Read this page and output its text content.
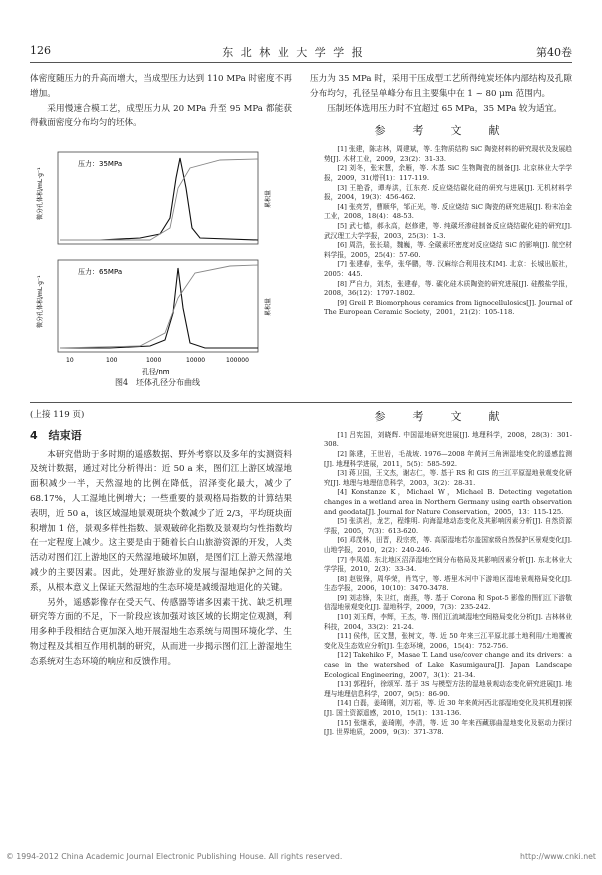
126	东 北 林 业 大 学 学 报	第40卷

体密度随压力的升高而增大，当成型压力达到 110 MPa 时密度不再增加。

采用慢速合模工艺，成型压力从 20 MPa 升至 95 MPa 都能获得截面密度分布均匀的坯体。

压力：35MPa
微分孔体积/mL·g⁻¹	累积量
压力：65MPa
微分孔体积/mL·g⁻¹	累积量
10	100	1000	10000	100000
孔径/nm
图4　坯体孔径分布曲线

压力为 35 MPa 时，采用干压成型工艺所得纯炭坯体内部结构及孔隙分布均匀，孔径呈单峰分布且主要集中在 1 ~ 80 μm 范围内。

压制坯体选用压力时不宜超过 65 MPa，35 MPa 较为适宜。

参　考　文　献

[1] 张建，陈志林，周建斌，等. 生物质结构 SiC 陶瓷材料的研究现状及发展趋势[J]. 木材工业，2009，23(2)：31-33.

[2] 刘冬，张宋慧，余雁，等. 木基 SiC 生物陶瓷的制备[J]. 北京林业大学学报，2009，31(增刊1)：117-119.

[3] 王艳香，谭寿洪，江东亮. 反应烧结碳化硅的研究与进展[J]. 无机材料学报，2004，19(3)：456-462.

[4] 张亮芳，曹顺华，邹正光，等. 反应烧结 SiC 陶瓷的研究进展[J]. 粉末冶金工业，2008，18(4)：48-53.

[5] 武七德，郝永高，赵修建，等. 纯碳坯渗硅制备反应烧结碳化硅的研究[J]. 武汉理工大学学报，2003，25(3)：1-3.

[6] 周浩，张长瑞，魏巍，等. 全碳素坯密度对反应烧结 SiC 的影响[J]. 航空材料学报，2005，25(4)：57-60.

[7] 张建春，张华，张华鹏，等. 汉麻综合利用技术[M]. 北京：长城出版社，2005：445.

[8] 严自力，刘杰，张建春，等. 碳化硅木质陶瓷的研究进展[J]. 硅酸盐学报，2008，36(12)：1797-1802.

[9] Greil P. Biomorphous ceramics from lignocellulosics[J]. Journal of The European Ceramic Society，2001，21(2)：105-118.

(上接 119 页)
4　结束语

本研究借助于多时期的遥感数据、野外考察以及多年的实测资料及统计数据，通过对比分析得出：近 50 a 来，图们江上游区域湿地面积减少一半，天然湿地的比例在降低，沼泽变化最大，减少了 68.17%，人工湿地比例增大；一些重要的景观格局指数的计算结果表明，近 50 a，该区域湿地景观斑块个数减少了近 2/3，平均斑块面积增加 1 倍，景观多样性指数、景观破碎化指数及景观均匀性指数均在一定程度上减少。这主要是由于随着长白山旅游资源的开发，人类活动对图们江上游地区的天然湿地破坏加剧，是图们江上游天然湿地减少的主要因素。因此，处理好旅游业的发展与湿地保护之间的关系，从根本意义上保证天然湿地的生态环境是减缓湿地退化的关键。

另外，遥感影像存在受天气、传感器等诸多因素干扰、缺乏机理研究等方面的不足，下一阶段应该加强对该区域的长期定位观测，利用多种手段相结合更加深入地开展湿地生态系统与周围环境化学、生物过程及其相互作用机制的研究，从而进一步揭示图们江上游湿地生态系统对生态环境的响应和反馈作用。

参　考　文　献

[1] 吕宪国，刘晓辉. 中国湿地研究进展[J]. 地理科学，2008，28(3)：301-308.

[2] 陈建，王世岩，毛战坡. 1976—2008 年黄河三角洲湿地变化的遥感监测[J]. 地理科学进展，2011，5(5)：585-592.

[3] 蒋卫国，王文杰，谢志仁，等. 基于 RS 和 GIS 的三江平原湿地景观变化研究[J]. 地理与地理信息科学，2003，3(2)：28-31.

[4] Konstanze K，Michael W，Michael B. Detecting vegetation changes in a wetland area in Northern Germany using earth observation and geodata[J]. Journal for Nature Conservation，2005，13：115-125.

[5] 张洪岩，龙艺，程维明. 向海湿地动态变化及其影响因素分析[J]. 自然资源学报，2005，7(3)：613-620.

[6] 邓茂林，田晋，段宗亮，等. 高原湿地若尔盖国家级自然保护区景观变化[J]. 山地学报，2010，2(2)：240-246.

[7] 李凤娟. 东北地区沼泽湿地空间分布格局及其影响因素分析[J]. 东北林业大学学报，2010，2(3)：33-34.

[8] 赵锐锋，周华荣，肖笃宁，等. 塔里木河中下游地区湿地景观格局变化[J]. 生态学报，2006，10(10)：3470-3478.

[9] 刘志锋，朱卫红，南燕，等. 基于 Corona 和 Spot-5 影像的图们江下游敬信湿地景观变化[J]. 湿地科学，2009，7(3)：235-242.

[10] 刘玉辉，李辉，王杰，等. 图们江流域湿地空间格局变化分析[J]. 吉林林业科技，2004，33(2)：21-24.

[11] 侯伟，匡文慧，张树文，等. 近 50 年来三江平原北部土地利用/土地覆被变化及生态效应分析[J]. 生态环境，2006，15(4)：752-756.

[12] Takehiko F，Masae T. Land use/cover change and its drivers：a case in the watershed of Lake Kasumigaura[J]. Japan Landscape Ecological Engineering，2007，3(1)：21-34.

[13] 郭程轩，徐颂军. 基于 3S 与模型方法的湿地景观动态变化研究进展[J]. 地理与地理信息科学，2007，9(5)：86-90.

[14] 白磊，姜琦刚，刘万崧，等. 近 30 年来黄河西北部湿地变化及其机理初探[J]. 国土资源遥感，2010，15(1)：131-136.

[15] 张继承，姜琦刚，李清，等. 近 30 年来西藏那曲湿地变化及驱动力探讨[J]. 世界地质，2009，9(3)：371-378.

© 1994-2012 China Academic Journal Electronic Publishing House. All rights reserved.	http://www.cnki.net
